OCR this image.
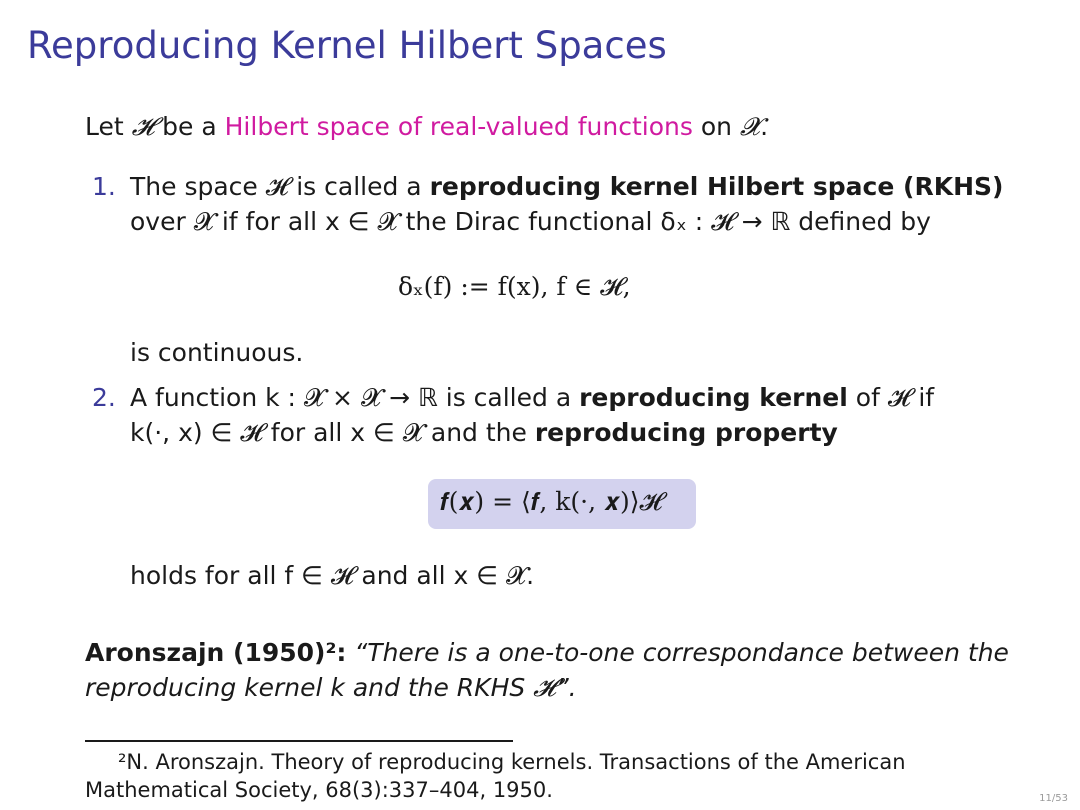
Reproducing Kernel Hilbert Spaces
Let 𝓗 be a Hilbert space of real-valued functions on 𝓧.
1. The space 𝓗 is called a reproducing kernel Hilbert space (RKHS)
over 𝓧 if for all x ∈ 𝓧 the Dirac functional δₓ : 𝓗 → ℝ defined by
δₓ(f) := f(x), f ∈ 𝓗,
is continuous.
2. A function k : 𝓧 × 𝓧 → ℝ is called a reproducing kernel of 𝓗 if
k(·, x) ∈ 𝓗 for all x ∈ 𝓧 and the reproducing property
𝒇(𝒙) = ⟨𝒇, k(·, 𝒙)⟩𝓗
holds for all f ∈ 𝓗 and all x ∈ 𝓧.
Aronszajn (1950)²: “There is a one-to-one correspondance between the
reproducing kernel k and the RKHS 𝓗”.
²N. Aronszajn. Theory of reproducing kernels. Transactions of the American
Mathematical Society, 68(3):337–404, 1950.	11/53
